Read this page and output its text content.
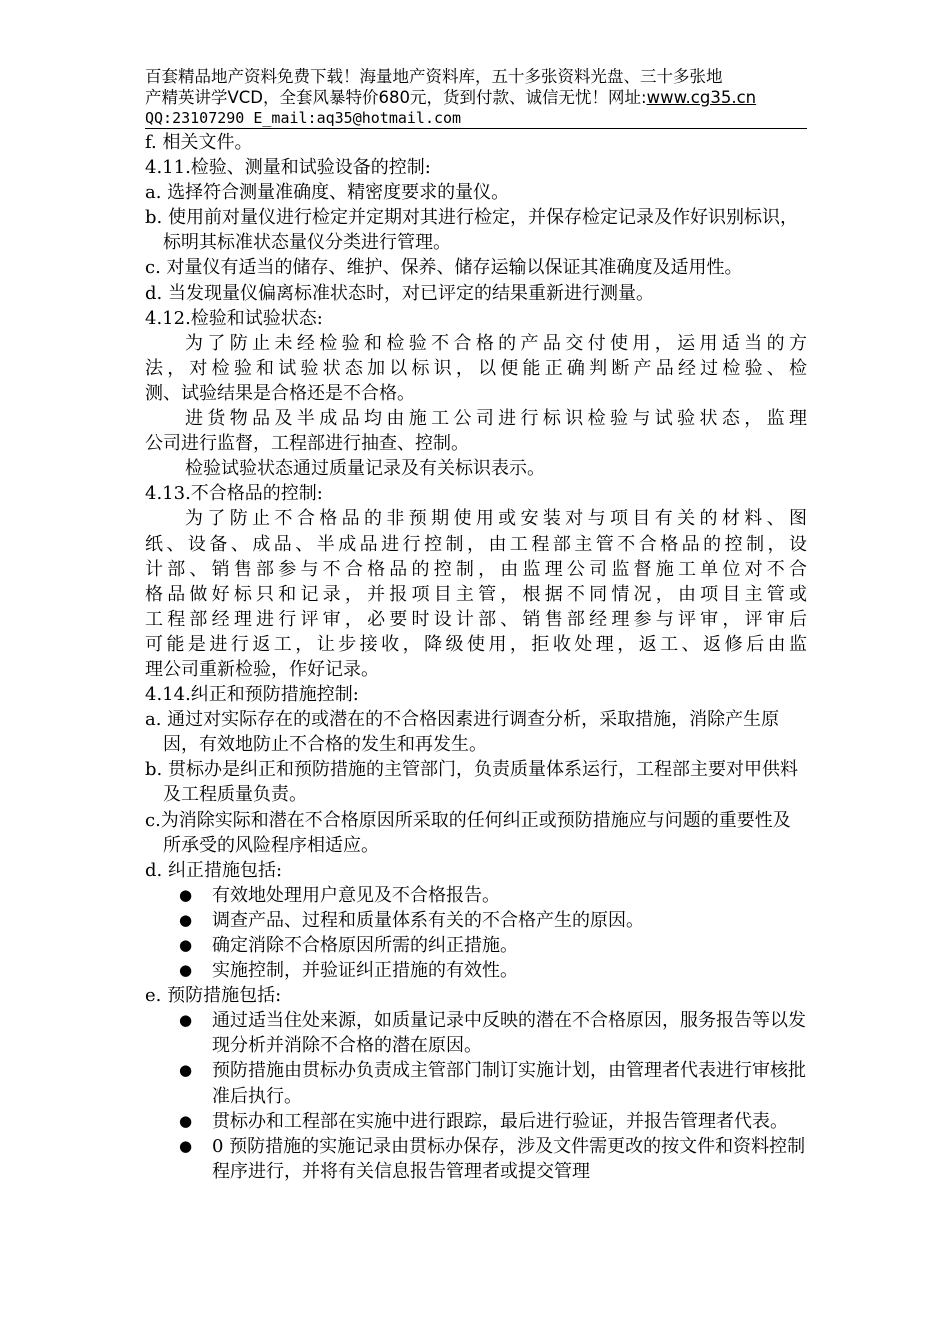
百套精品地产资料免费下载！海量地产资料库，五十多张资料光盘、三十多张地
产精英讲学VCD，全套风暴特价680元，货到付款、诚信无忧！网址:www.cg35.cn
QQ:23107290 E_mail:aq35@hotmail.com

f. 相关文件。

4.11.检验、测量和试验设备的控制:

a. 选择符合测量准确度、精密度要求的量仪。

b. 使用前对量仪进行检定并定期对其进行检定，并保存检定记录及作好识别标识，标明其标准状态量仪分类进行管理。

c. 对量仪有适当的储存、维护、保养、储存运输以保证其准确度及适用性。

d. 当发现量仪偏离标准状态时，对已评定的结果重新进行测量。

4.12.检验和试验状态:

为了防止未经检验和检验不合格的产品交付使用，运用适当的方

法，对检验和试验状态加以标识，以便能正确判断产品经过检验、检

测、试验结果是合格还是不合格。

进货物品及半成品均由施工公司进行标识检验与试验状态，监理

公司进行监督，工程部进行抽查、控制。

检验试验状态通过质量记录及有关标识表示。

4.13.不合格品的控制:

为了防止不合格品的非预期使用或安装对与项目有关的材料、图

纸、设备、成品、半成品进行控制，由工程部主管不合格品的控制，设

计部、销售部参与不合格品的控制，由监理公司监督施工单位对不合

格品做好标只和记录，并报项目主管，根据不同情况，由项目主管或

工程部经理进行评审，必要时设计部、销售部经理参与评审，评审后

可能是进行返工，让步接收，降级使用，拒收处理，返工、返修后由监

理公司重新检验，作好记录。

4.14.纠正和预防措施控制:

a. 通过对实际存在的或潜在的不合格因素进行调查分析，采取措施，消除产生原因，有效地防止不合格的发生和再发生。

b. 贯标办是纠正和预防措施的主管部门，负责质量体系运行，工程部主要对甲供料及工程质量负责。

c.为消除实际和潜在不合格原因所采取的任何纠正或预防措施应与问题的重要性及所承受的风险程序相适应。

d. 纠正措施包括:

● 有效地处理用户意见及不合格报告。
● 调查产品、过程和质量体系有关的不合格产生的原因。
● 确定消除不合格原因所需的纠正措施。
● 实施控制，并验证纠正措施的有效性。

e. 预防措施包括:

● 通过适当住处来源，如质量记录中反映的潜在不合格原因，服务报告等以发现分析并消除不合格的潜在原因。
● 预防措施由贯标办负责成主管部门制订实施计划，由管理者代表进行审核批准后执行。
● 贯标办和工程部在实施中进行跟踪，最后进行验证，并报告管理者代表。
● 0 预防措施的实施记录由贯标办保存，涉及文件需更改的按文件和资料控制程序进行，并将有关信息报告管理者或提交管理
